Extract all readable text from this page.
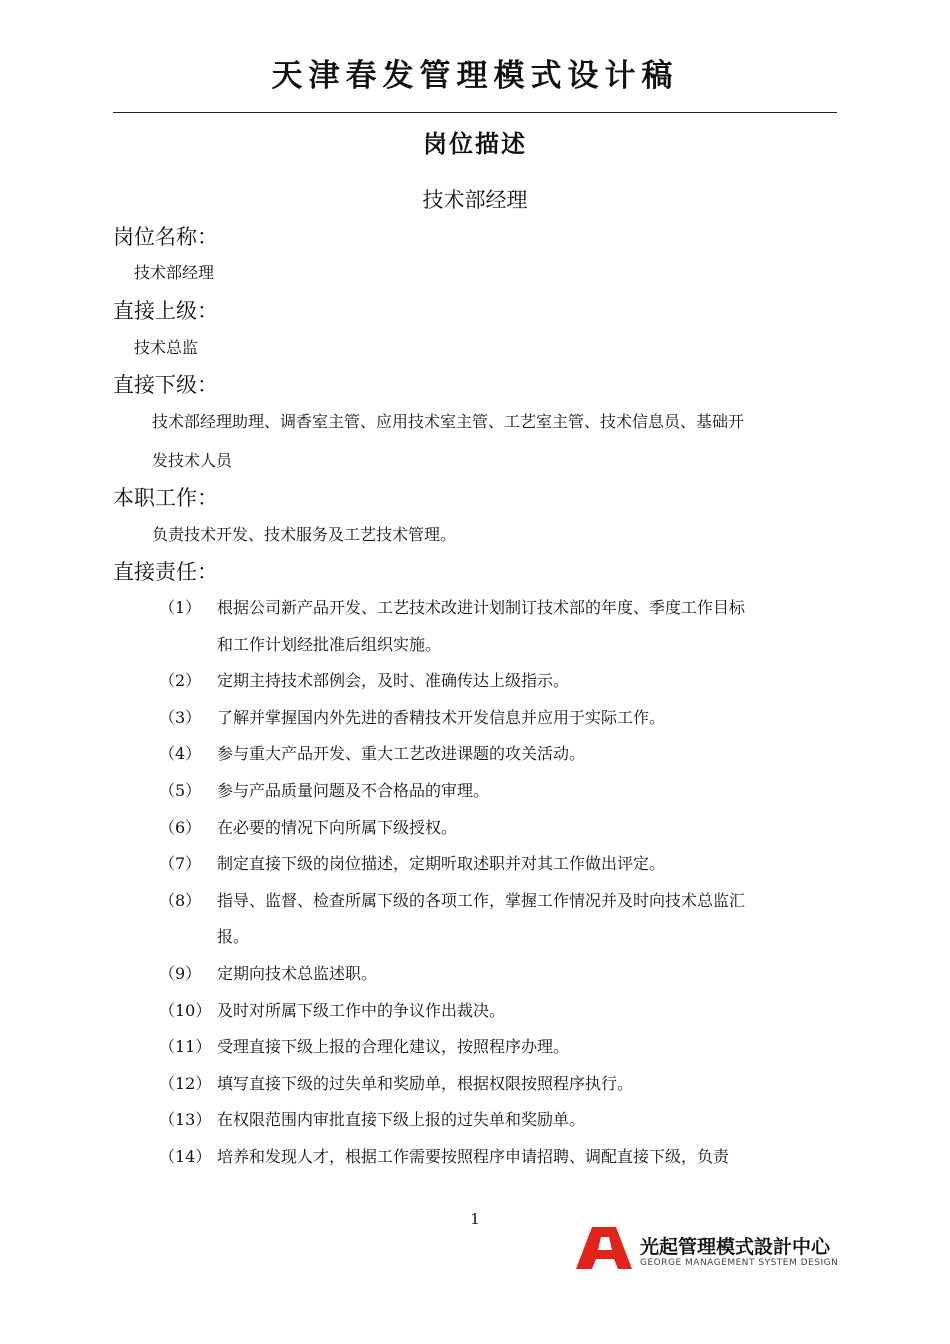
天津春发管理模式设计稿
岗位描述
技术部经理
岗位名称：
技术部经理
直接上级：
技术总监
直接下级：
技术部经理助理、调香室主管、应用技术室主管、工艺室主管、技术信息员、基础开
发技术人员
本职工作：
负责技术开发、技术服务及工艺技术管理。
直接责任：
（1） 根据公司新产品开发、工艺技术改进计划制订技术部的年度、季度工作目标
和工作计划经批准后组织实施。
（2） 定期主持技术部例会，及时、准确传达上级指示。
（3） 了解并掌握国内外先进的香精技术开发信息并应用于实际工作。
（4） 参与重大产品开发、重大工艺改进课题的攻关活动。
（5） 参与产品质量问题及不合格品的审理。
（6） 在必要的情况下向所属下级授权。
（7） 制定直接下级的岗位描述，定期听取述职并对其工作做出评定。
（8） 指导、监督、检查所属下级的各项工作，掌握工作情况并及时向技术总监汇
报。
（9） 定期向技术总监述职。
（10） 及时对所属下级工作中的争议作出裁决。
（11） 受理直接下级上报的合理化建议，按照程序办理。
（12） 填写直接下级的过失单和奖励单，根据权限按照程序执行。
（13） 在权限范围内审批直接下级上报的过失单和奖励单。
（14） 培养和发现人才，根据工作需要按照程序申请招聘、调配直接下级，负责
1
光起管理模式設計中心
GEORGE MANAGEMENT SYSTEM DESIGN
